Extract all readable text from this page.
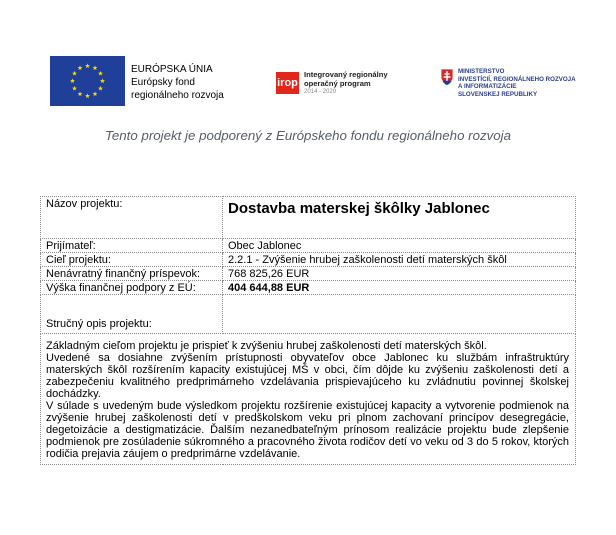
EURÓPSKA ÚNIA
Európsky fond
regionálneho rozvoja
irop
Integrovaný regionálny
operačný program
2014 - 2020
MINISTERSTVO
INVESTÍCIÍ, REGIONÁLNEHO ROZVOJA
A INFORMATIZÁCIE
SLOVENSKEJ REPUBLIKY
Tento projekt je podporený z Európskeho fondu regionálneho rozvoja
Názov projektu:	Dostavba materskej škôlky Jablonec

Prijímateľ:	Obec Jablonec
Cieľ projektu:	2.2.1 - Zvýšenie hrubej zaškolenosti detí materských škôl
Nenávratný finančný príspevok:	768 825,26 EUR
Výška finančnej podpory z EÚ:	404 644,88 EUR
Stručný opis projektu:	

Základným cieľom projektu je prispieť k zvýšeniu hrubej zaškolenosti detí materských škôl.

Uvedené sa dosiahne zvýšením prístupnosti obyvateľov obce Jablonec ku službám infraštruktúry materských škôl rozšírením kapacity existujúcej MŠ v obci, čím dôjde ku zvýšeniu zaškolenosti detí a zabezpečeniu kvalitného predprimárneho vzdelávania prispievajúceho ku zvládnutiu povinnej školskej dochádzky.

V súlade s uvedeným bude výsledkom projektu rozšírenie existujúcej kapacity a vytvorenie podmienok na zvýšenie hrubej zaškolenosti detí v predškolskom veku pri plnom zachovaní princípov desegregácie, degetoizácie a destigmatizácie. Ďalším nezanedbateľným prínosom realizácie projektu bude zlepšenie podmienok pre zosúladenie súkromného a pracovného života rodičov detí vo veku od 3 do 5 rokov, ktorých rodičia prejavia záujem o predprimárne vzdelávanie.	
